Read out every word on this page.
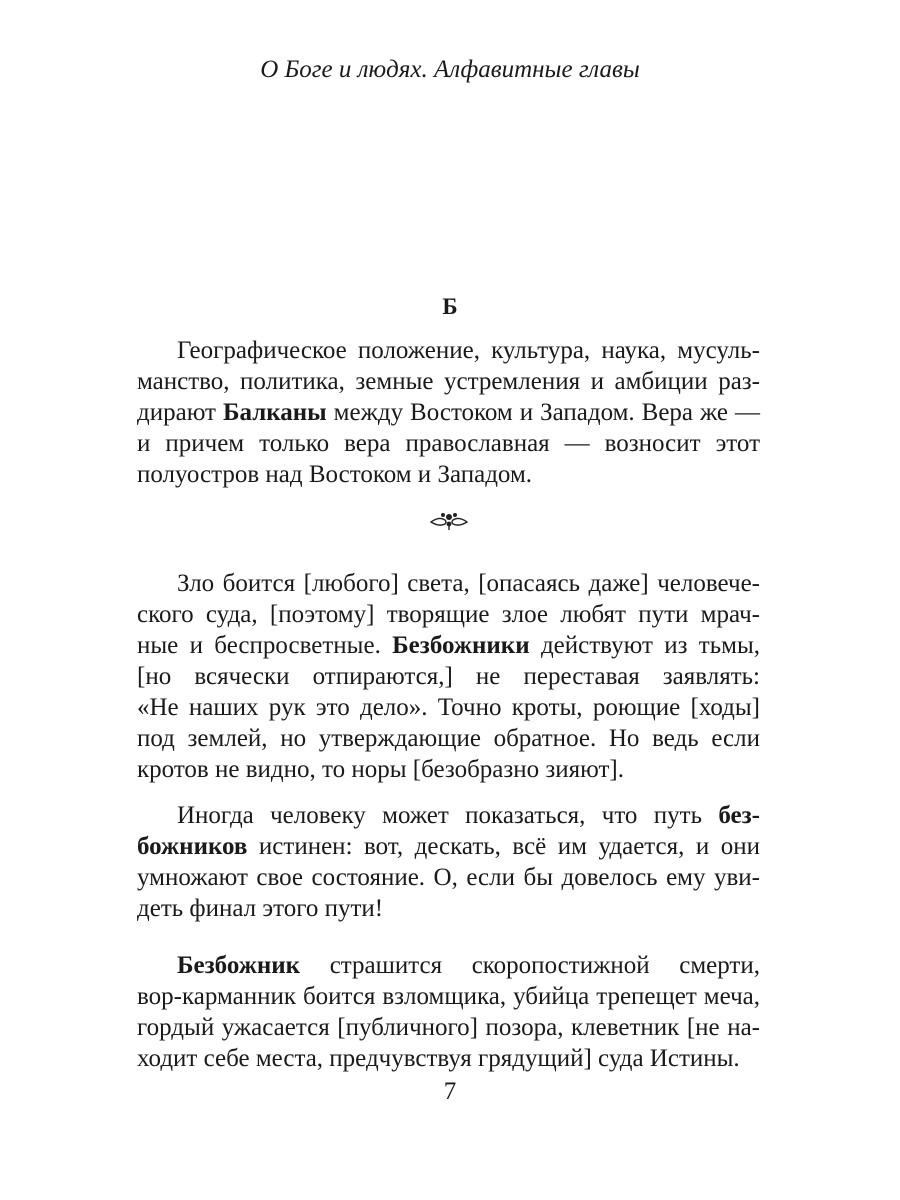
О Боге и людях. Алфавитные главы
Б
Географическое положение, культура, наука, мусуль-
манство, политика, земные устремления и амбиции раз-
дирают Балканы между Востоком и Западом. Вера же —
и причем только вера православная — возносит этот
полуостров над Востоком и Западом.
Зло боится [любого] света, [опасаясь даже] человече-
ского суда, [поэтому] творящие злое любят пути мрач-
ные и беспросветные. Безбожники действуют из тьмы,
[но всячески отпираются,] не переставая заявлять:
«Не наших рук это дело». Точно кроты, роющие [ходы]
под землей, но утверждающие обратное. Но ведь если
кротов не видно, то норы [безобразно зияют].
Иногда человеку может показаться, что путь без-
божников истинен: вот, дескать, всё им удается, и они
умножают свое состояние. О, если бы довелось ему уви-
деть финал этого пути!
Безбожник страшится скоропостижной смерти,
вор-карманник боится взломщика, убийца трепещет меча,
гордый ужасается [публичного] позора, клеветник [не на-
ходит себе места, предчувствуя грядущий] суда Истины.
7
